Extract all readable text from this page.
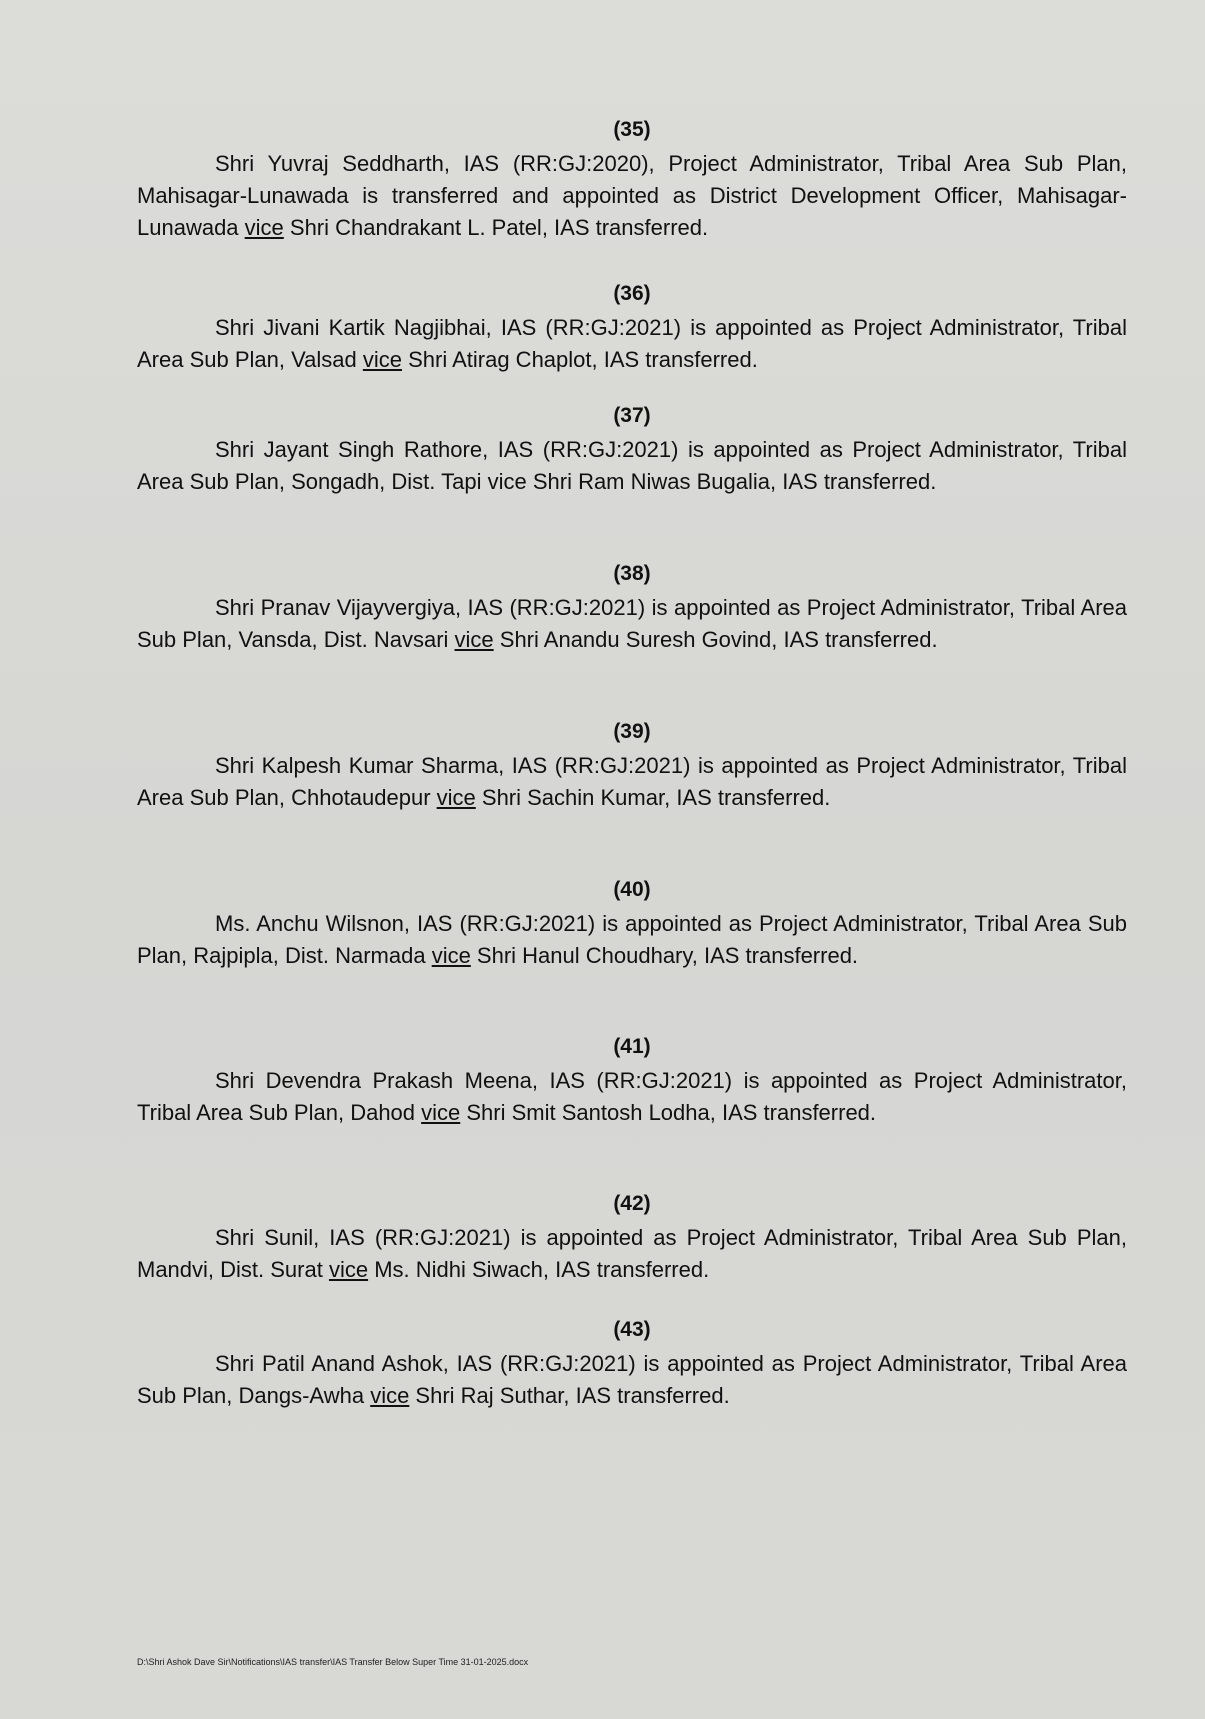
(35)

Shri Yuvraj Seddharth, IAS (RR:GJ:2020), Project Administrator, Tribal Area Sub Plan, Mahisagar-Lunawada is transferred and appointed as District Development Officer, Mahisagar-Lunawada vice Shri Chandrakant L. Patel, IAS transferred.

(36)

Shri Jivani Kartik Nagjibhai, IAS (RR:GJ:2021) is appointed as Project Administrator, Tribal Area Sub Plan, Valsad vice Shri Atirag Chaplot, IAS transferred.

(37)

Shri Jayant Singh Rathore, IAS (RR:GJ:2021) is appointed as Project Administrator, Tribal Area Sub Plan, Songadh, Dist. Tapi vice Shri Ram Niwas Bugalia, IAS transferred.

(38)

Shri Pranav Vijayvergiya, IAS (RR:GJ:2021) is appointed as Project Administrator, Tribal Area Sub Plan, Vansda, Dist. Navsari vice Shri Anandu Suresh Govind, IAS transferred.

(39)

Shri Kalpesh Kumar Sharma, IAS (RR:GJ:2021) is appointed as Project Administrator, Tribal Area Sub Plan, Chhotaudepur vice Shri Sachin Kumar, IAS transferred.

(40)

Ms. Anchu Wilsnon, IAS (RR:GJ:2021) is appointed as Project Administrator, Tribal Area Sub Plan, Rajpipla, Dist. Narmada vice Shri Hanul Choudhary, IAS transferred.

(41)

Shri Devendra Prakash Meena, IAS (RR:GJ:2021) is appointed as Project Administrator, Tribal Area Sub Plan, Dahod vice Shri Smit Santosh Lodha, IAS transferred.

(42)

Shri Sunil, IAS (RR:GJ:2021) is appointed as Project Administrator, Tribal Area Sub Plan, Mandvi, Dist. Surat vice Ms. Nidhi Siwach, IAS transferred.

(43)

Shri Patil Anand Ashok, IAS (RR:GJ:2021) is appointed as Project Administrator, Tribal Area Sub Plan, Dangs-Awha vice Shri Raj Suthar, IAS transferred.

D:\Shri Ashok Dave Sir\Notifications\IAS transfer\IAS Transfer Below Super Time 31-01-2025.docx
